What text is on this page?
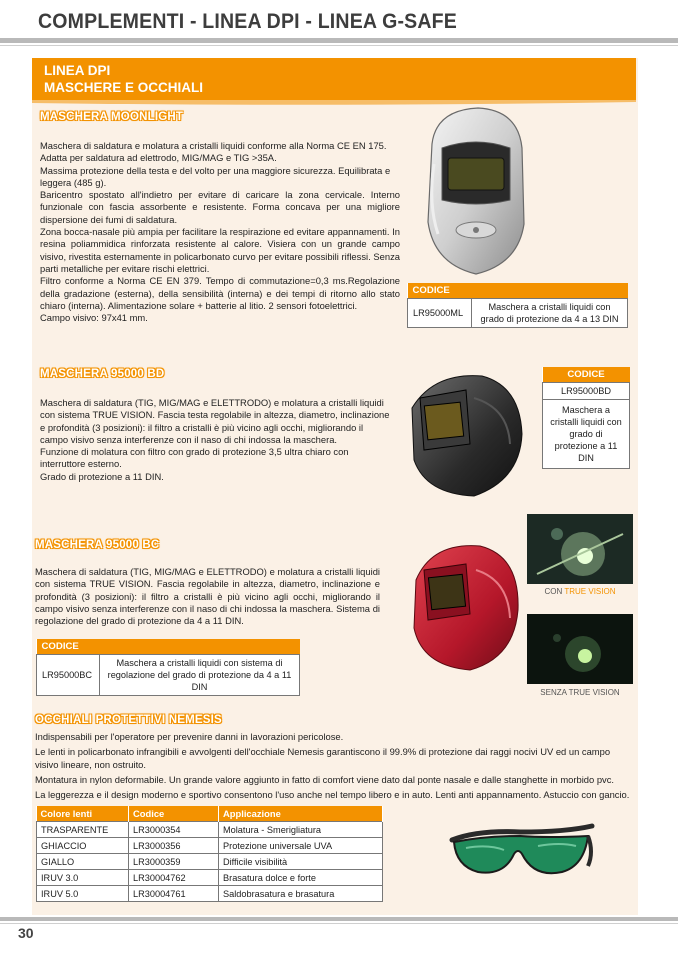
COMPLEMENTI - LINEA DPI - LINEA G-SAFE
LINEA DPI
MASCHERE E OCCHIALI
MASCHERA MOONLIGHT

Maschera di saldatura e molatura a cristalli liquidi conforme alla Norma CE EN 175. Adatta per saldatura ad elettrodo, MIG/MAG e TIG >35A.

Massima protezione della testa e del volto per una maggiore sicurezza. Equilibrata e leggera (485 g).

Baricentro spostato all'indietro per evitare di caricare la zona cervicale. Interno funzionale con fascia assorbente e resistente. Forma concava per una migliore dispersione dei fumi di saldatura.

Zona bocca-nasale più ampia per facilitare la respirazione ed evitare appannamenti. In resina poliammidica rinforzata resistente al calore. Visiera con un grande campo visivo, rivestita esternamente in policarbonato curvo per evitare possibili riflessi. Senza parti metalliche per evitare rischi elettrici.

Filtro conforme a Norma CE EN 379. Tempo di commutazione=0,3 ms.Regolazione della gradazione (esterna), della sensibilità (interna) e dei tempi di ritorno allo stato chiaro (interna). Alimentazione solare + batterie al litio. 2 sensori fotoelettrici.

Campo visivo: 97x41 mm.

CODICE
LR95000ML	Maschera a cristalli liquidi con grado di protezione da 4 a 13 DIN
MASCHERA 95000 BD

Maschera di saldatura (TIG, MIG/MAG e ELETTRODO) e molatura a cristalli liquidi con sistema TRUE VISION. Fascia testa regolabile in altezza, diametro, inclinazione e profondità (3 posizioni): il filtro a cristalli è più vicino agli occhi, migliorando il campo visivo senza interferenze con il naso di chi indossa la maschera.

Funzione di molatura con filtro con grado di protezione 3,5 ultra chiaro con interruttore esterno.

Grado di protezione a 11 DIN.

CODICE
LR95000BD
Maschera a cristalli liquidi con grado di protezione a 11 DIN
MASCHERA 95000 BC

Maschera di saldatura (TIG, MIG/MAG e ELETTRODO) e molatura a cristalli liquidi con sistema TRUE VISION. Fascia regolabile in altezza, diametro, inclinazione e profondità (3 posizioni): il filtro a cristalli è più vicino agli occhi, migliorando il campo visivo senza interferenze con il naso di chi indossa la maschera. Sistema di regolazione del grado di protezione da 4 a 11 DIN.

CON TRUE VISION
SENZA TRUE VISION
CODICE
LR95000BC	Maschera a cristalli liquidi con sistema di regolazione del grado di protezione da 4 a 11 DIN
OCCHIALI PROTETTIVI NEMESIS

Indispensabili per l'operatore per prevenire danni in lavorazioni pericolose.

Le lenti in policarbonato infrangibili e avvolgenti dell'occhiale Nemesis garantiscono il 99.9% di protezione dai raggi nocivi UV ed un campo visivo lineare, non ostruito.

Montatura in nylon deformabile. Un grande valore aggiunto in fatto di comfort viene dato dal ponte nasale e dalle stanghette in morbido pvc.

La leggerezza e il design moderno e sportivo consentono l'uso anche nel tempo libero e in auto. Lenti anti appannamento. Astuccio con gancio.

Colore lenti	Codice	Applicazione
TRASPARENTE	LR3000354	Molatura - Smerigliatura
GHIACCIO	LR3000356	Protezione universale UVA
GIALLO	LR3000359	Difficile visibilità
IRUV 3.0	LR30004762	Brasatura dolce e forte
IRUV 5.0	LR30004761	Saldobrasatura e brasatura
30
